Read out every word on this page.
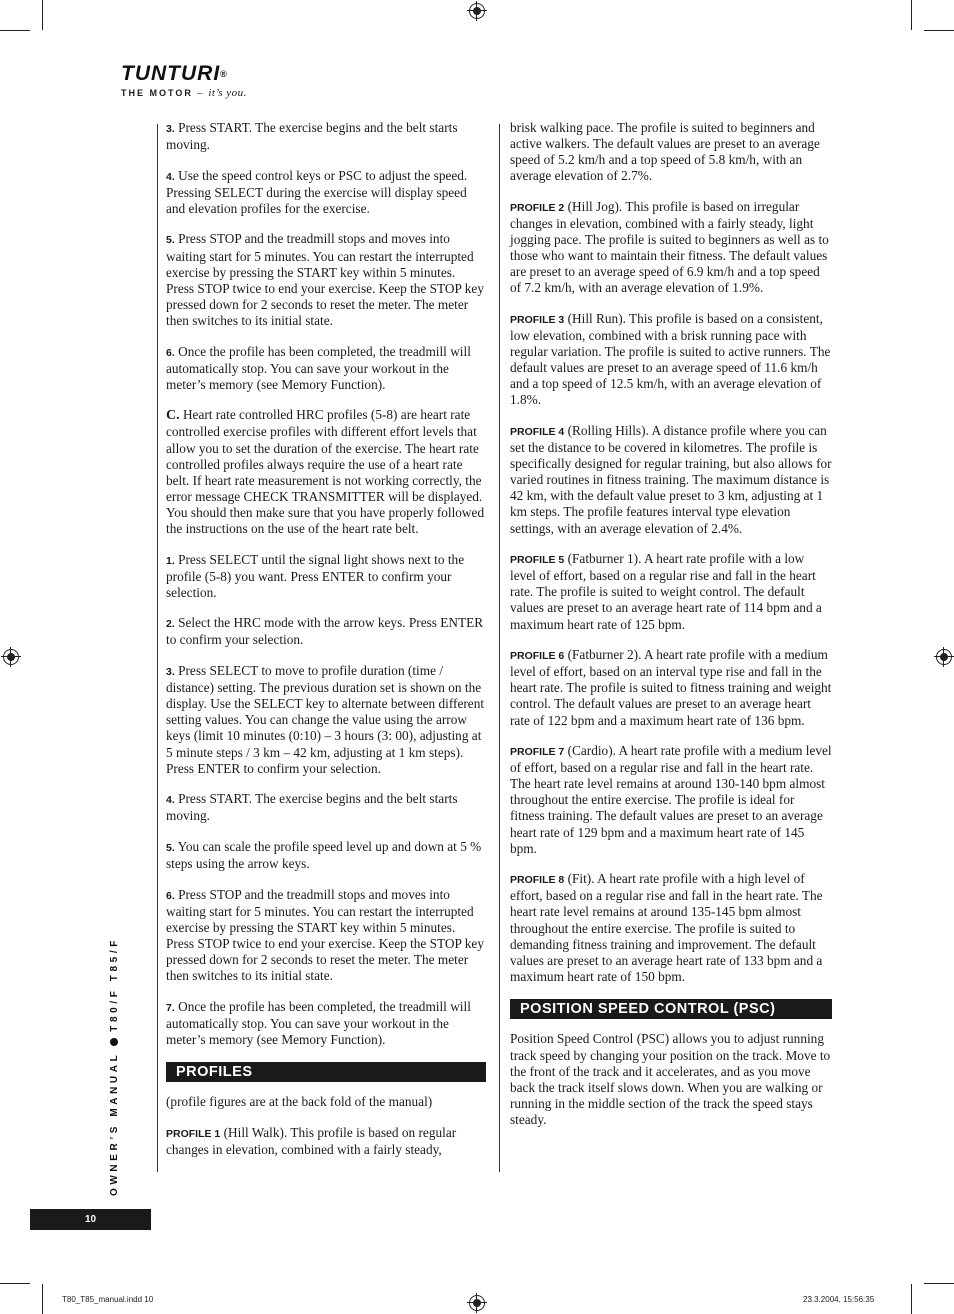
TUNTURI®
THE MOTOR – it’s you.

3. Press START. The exercise begins and the belt starts moving.

4. Use the speed control keys or PSC to adjust the speed. Pressing SELECT during the exercise will display speed and elevation profiles for the exercise.

5. Press STOP and the treadmill stops and moves into waiting start for 5 minutes. You can restart the interrupted exercise by pressing the START key within 5 minutes. Press STOP twice to end your exercise. Keep the STOP key pressed down for 2 seconds to reset the meter. The meter then switches to its initial state.

6. Once the profile has been completed, the treadmill will automatically stop. You can save your workout in the meter’s memory (see Memory Function).

C. Heart rate controlled HRC profiles (5-8) are heart rate controlled exercise profiles with different effort levels that allow you to set the duration of the exercise. The heart rate controlled profiles always require the use of a heart rate belt. If heart rate measurement is not working correctly, the error message CHECK TRANSMITTER will be displayed. You should then make sure that you have properly followed the instructions on the use of the heart rate belt.

1. Press SELECT until the signal light shows next to the profile (5-8) you want. Press ENTER to confirm your selection.

2. Select the HRC mode with the arrow keys. Press ENTER to confirm your selection.

3. Press SELECT to move to profile duration (time / distance) setting. The previous duration set is shown on the display. Use the SELECT key to alternate between different setting values. You can change the value using the arrow keys (limit 10 minutes (0:10) – 3 hours (3: 00), adjusting at 5 minute steps / 3 km – 42 km, adjusting at 1 km steps). Press ENTER to confirm your selection.

4. Press START. The exercise begins and the belt starts moving.

5. You can scale the profile speed level up and down at 5 % steps using the arrow keys.

6. Press STOP and the treadmill stops and moves into waiting start for 5 minutes. You can restart the interrupted exercise by pressing the START key within 5 minutes. Press STOP twice to end your exercise. Keep the STOP key pressed down for 2 seconds to reset the meter. The meter then switches to its initial state.

7. Once the profile has been completed, the treadmill will automatically stop. You can save your workout in the meter’s memory (see Memory Function).

PROFILES

(profile figures are at the back fold of the manual)

PROFILE 1 (Hill Walk). This profile is based on regular changes in elevation, combined with a fairly steady,

brisk walking pace. The profile is suited to beginners and active walkers. The default values are preset to an average speed of 5.2 km/h and a top speed of 5.8 km/h, with an average elevation of 2.7%.

PROFILE 2 (Hill Jog). This profile is based on irregular changes in elevation, combined with a fairly steady, light jogging pace. The profile is suited to beginners as well as to those who want to maintain their fitness. The default values are preset to an average speed of 6.9 km/h and a top speed of 7.2 km/h, with an average elevation of 1.9%.

PROFILE 3 (Hill Run). This profile is based on a consistent, low elevation, combined with a brisk running pace with regular variation. The profile is suited to active runners. The default values are preset to an average speed of 11.6 km/h and a top speed of 12.5 km/h, with an average elevation of 1.8%.

PROFILE 4 (Rolling Hills). A distance profile where you can set the distance to be covered in kilometres. The profile is specifically designed for regular training, but also allows for varied routines in fitness training. The maximum distance is 42 km, with the default value preset to 3 km, adjusting at 1 km steps. The profile features interval type elevation settings, with an average elevation of 2.4%.

PROFILE 5 (Fatburner 1). A heart rate profile with a low level of effort, based on a regular rise and fall in the heart rate. The profile is suited to weight control. The default values are preset to an average heart rate of 114 bpm and a maximum heart rate of 125 bpm.

PROFILE 6 (Fatburner 2). A heart rate profile with a medium level of effort, based on an interval type rise and fall in the heart rate. The profile is suited to fitness training and weight control. The default values are preset to an average heart rate of 122 bpm and a maximum heart rate of 136 bpm.

PROFILE 7 (Cardio). A heart rate profile with a medium level of effort, based on a regular rise and fall in the heart rate. The heart rate level remains at around 130-140 bpm almost throughout the entire exercise. The profile is ideal for fitness training. The default values are preset to an average heart rate of 129 bpm and a maximum heart rate of 145 bpm.

PROFILE 8 (Fit). A heart rate profile with a high level of effort, based on a regular rise and fall in the heart rate. The heart rate level remains at around 135-145 bpm almost throughout the entire exercise. The profile is suited to demanding fitness training and improvement. The default values are preset to an average heart rate of 133 bpm and a maximum heart rate of 150 bpm.

POSITION SPEED CONTROL (PSC)

Position Speed Control (PSC) allows you to adjust running track speed by changing your position on the track. Move to the front of the track and it accelerates, and as you move back the track itself slows down. When you are walking or running in the middle section of the track the speed stays steady.

OWNER’S MANUALT80/F T85/F
10
T80_T85_manual.indd 10	23.3.2004, 15:56:35
